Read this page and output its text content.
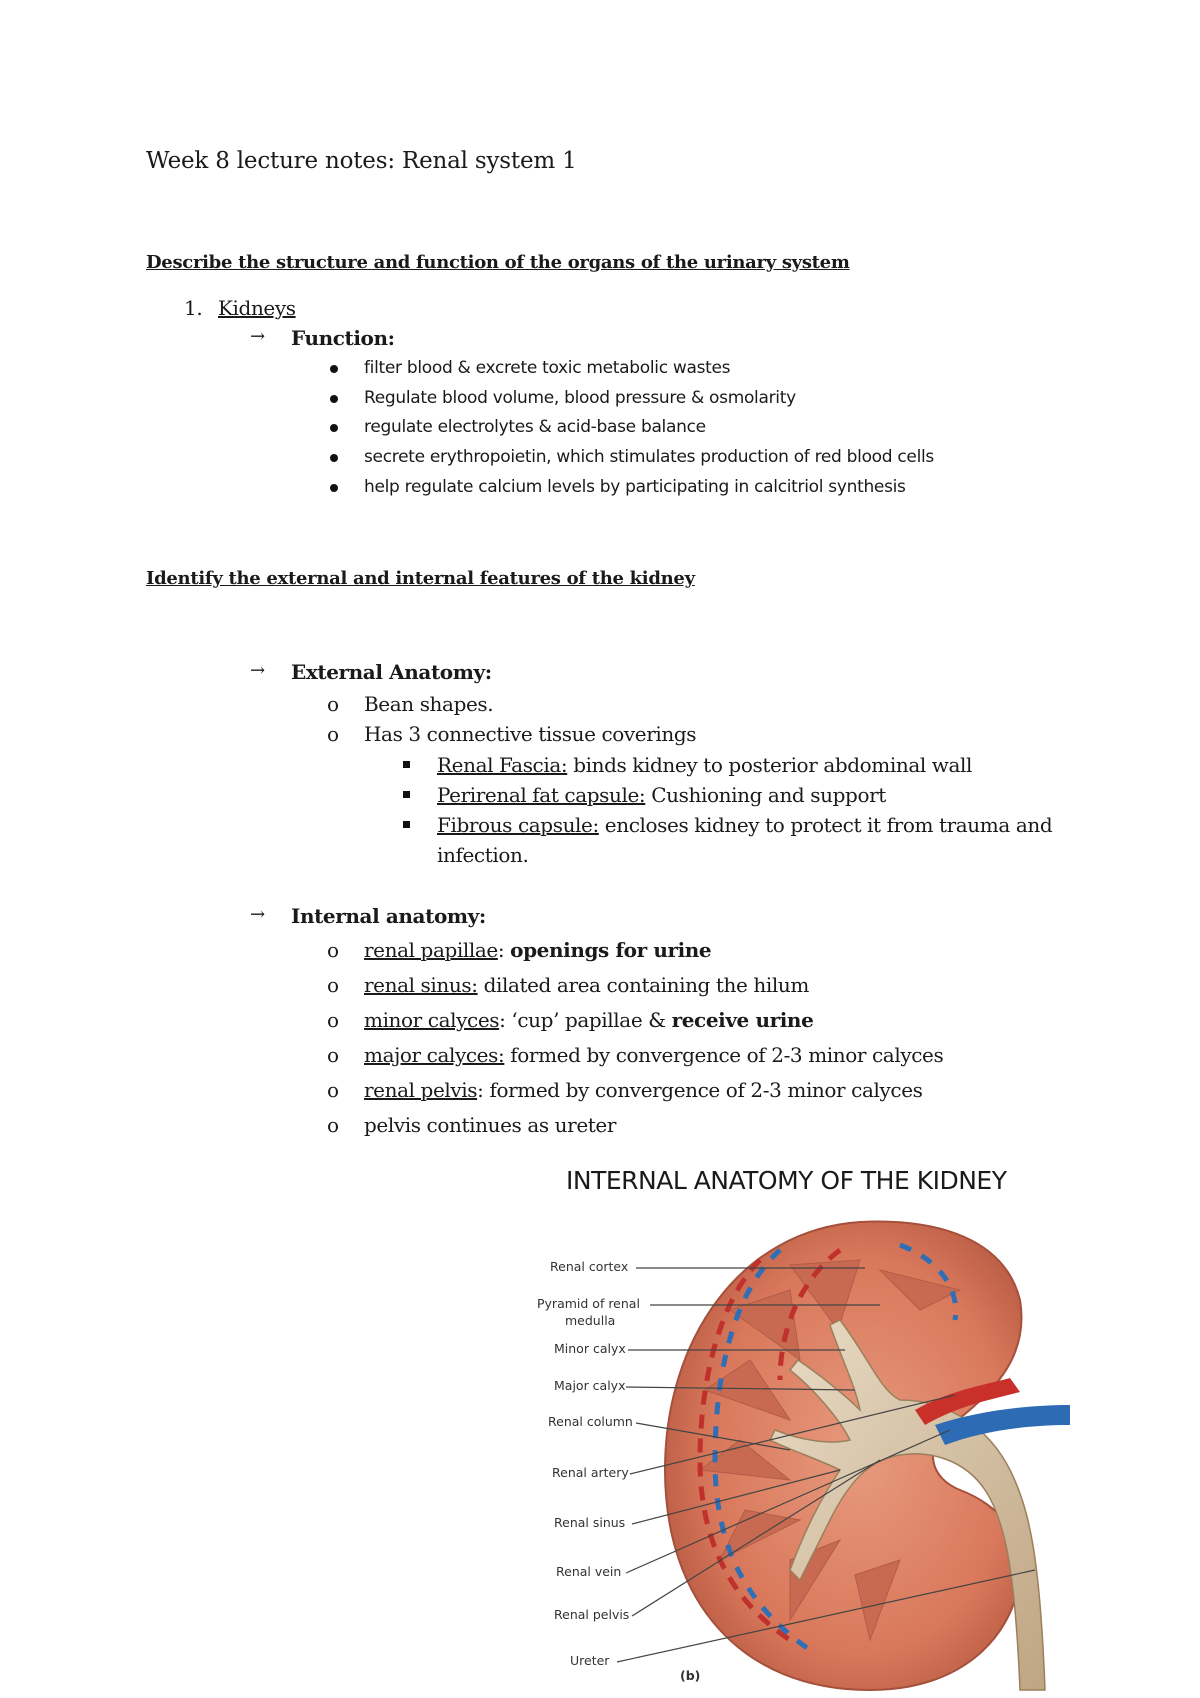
Week 8 lecture notes: Renal system 1
Describe the structure and function of the organs of the urinary system
1. Kidneys
→ Function:
filter blood & excrete toxic metabolic wastes
Regulate blood volume, blood pressure & osmolarity
regulate electrolytes & acid-base balance
secrete erythropoietin, which stimulates production of red blood cells
help regulate calcium levels by participating in calcitriol synthesis
Identify the external and internal features of the kidney
→ External Anatomy:
o Bean shapes.
o Has 3 connective tissue coverings
Renal Fascia: binds kidney to posterior abdominal wall
Perirenal fat capsule: Cushioning and support
Fibrous capsule: encloses kidney to protect it from trauma and
infection.
→ Internal anatomy:
o renal papillae: openings for urine
o renal sinus: dilated area containing the hilum
o minor calyces: ‘cup’ papillae & receive urine
o major calyces: formed by convergence of 2-3 minor calyces
o renal pelvis: formed by convergence of 2-3 minor calyces
o pelvis continues as ureter
INTERNAL ANATOMY OF THE KIDNEY
Renal cortex
Pyramid of renal
medulla
Minor calyx
Major calyx
Renal column
Renal artery
Renal sinus
Renal vein
Renal pelvis
Ureter
(b)
